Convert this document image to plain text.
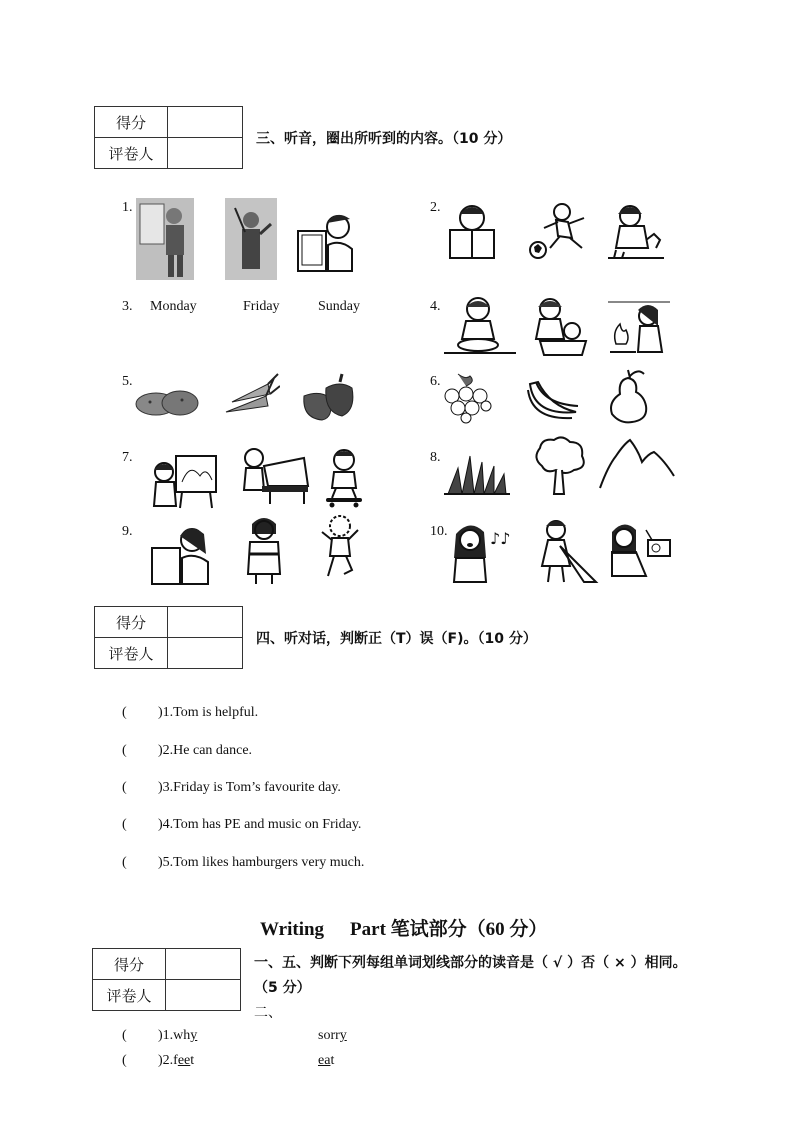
得分	
评卷人	
三、听音，圈出所听到的内容。（10 分）
1.	2.
3.	4.
5.	6.
7.	8.
9.	10.
Monday	Friday	Sunday
♪♪
得分	
评卷人	
四、听对话，判断正（T）误（F)。（10 分）
( )1.Tom is helpful.
( )2.He can dance.
( )3.Friday is Tom’s favourite day.
( )4.Tom has PE and music on Friday.
( )5.Tom likes hamburgers very much.
Writing Part 笔试部分（60 分）
得分	
评卷人	
一、五、判断下列每组单词划线部分的读音是（ √ ）否（ × ）相同。
（5 分）
二、
( )1.why	sorry
( )2.feet	eat
